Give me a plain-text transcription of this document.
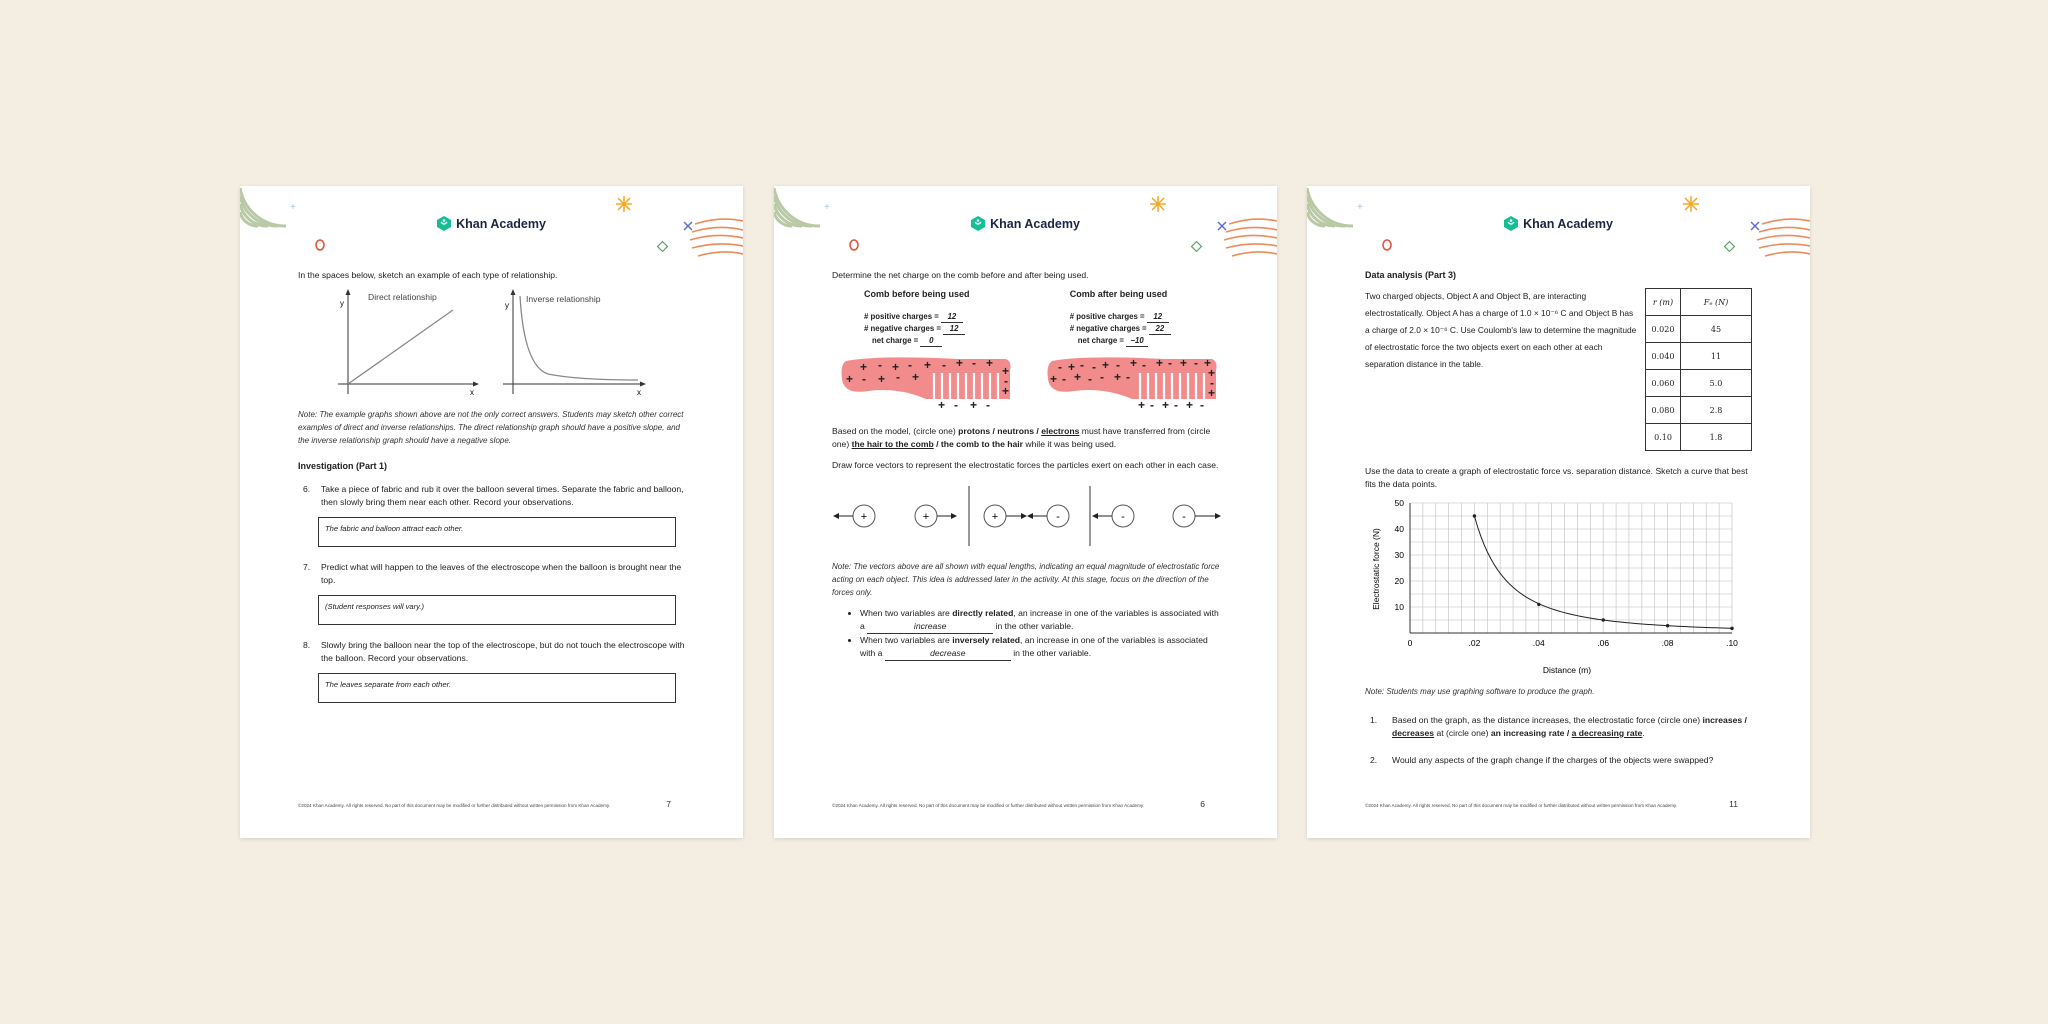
+
Khan Academy
In the spaces below, sketch an example of each type of relationship.
y
x
Direct relationship
y
x
Inverse relationship
Note: The example graphs shown above are not the only correct answers. Students may sketch other correct examples of direct and inverse relationships. The direct relationship graph should have a positive slope, and the inverse relationship graph should have a negative slope.
Investigation (Part 1)
6. Take a piece of fabric and rub it over the balloon several times. Separate the fabric and balloon, then slowly bring them near each other. Record your observations.
The fabric and balloon attract each other.
7. Predict what will happen to the leaves of the electroscope when the balloon is brought near the top.
(Student responses will vary.)
8. Slowly bring the balloon near the top of the electroscope, but do not touch the electroscope with the balloon. Record your observations.
The leaves separate from each other.
©2024 Khan Academy. All rights reserved. No part of this document may be modified or further distributed without written permission from Khan Academy.	7
+
Khan Academy
Determine the net charge on the comb before and after being used.
Comb before being used
# positive charges = 12
# negative charges = 12
net charge = 0
+ - + - + - + - +
+ - + - +	+
-
+
+ - + -
Comb after being used
# positive charges = 12
# negative charges = 22
net charge = −10
- + - - + - + - + - + - +
+ - + - - + -	+
-
+
+ - + - + -
Based on the model, (circle one) protons / neutrons / electrons must have transferred from (circle one) the hair to the comb / the comb to the hair while it was being used.
Draw force vectors to represent the electrostatic forces the particles exert on each other in each case.
+	+	+	-	-	-
Note: The vectors above are all shown with equal lengths, indicating an equal magnitude of electrostatic force acting on each object. This idea is addressed later in the activity. At this stage, focus on the direction of the forces only.
• When two variables are directly related, an increase in one of the variables is associated with a	increase	in the other variable.
• When two variables are inversely related, an increase in one of the variables is associated with a	decrease	in the other variable.
©2024 Khan Academy. All rights reserved. No part of this document may be modified or further distributed without written permission from Khan Academy.	6
+
Khan Academy
Data analysis (Part 3)
Two charged objects, Object A and Object B, are interacting electrostatically. Object A has a charge of 1.0 × 10⁻⁶ C and Object B has a charge of 2.0 × 10⁻⁶ C. Use Coulomb's law to determine the magnitude of electrostatic force the two objects exert on each other at each separation distance in the table.
r (m)	Fₑ (N)
0.020	45
0.040	11
0.060	5.0
0.080	2.8
0.10	1.8
Use the data to create a graph of electrostatic force vs. separation distance. Sketch a curve that best fits the data points.
0	.02	.04	.06	.08	.10
10
20
30
40
50
Distance (m)
Electrostatic force (N)
Note: Students may use graphing software to produce the graph.
1.	Based on the graph, as the distance increases, the electrostatic force (circle one) increases / decreases at (circle one) an increasing rate / a decreasing rate.
2.	Would any aspects of the graph change if the charges of the objects were swapped?
©2024 Khan Academy. All rights reserved. No part of this document may be modified or further distributed without written permission from Khan Academy.	11
